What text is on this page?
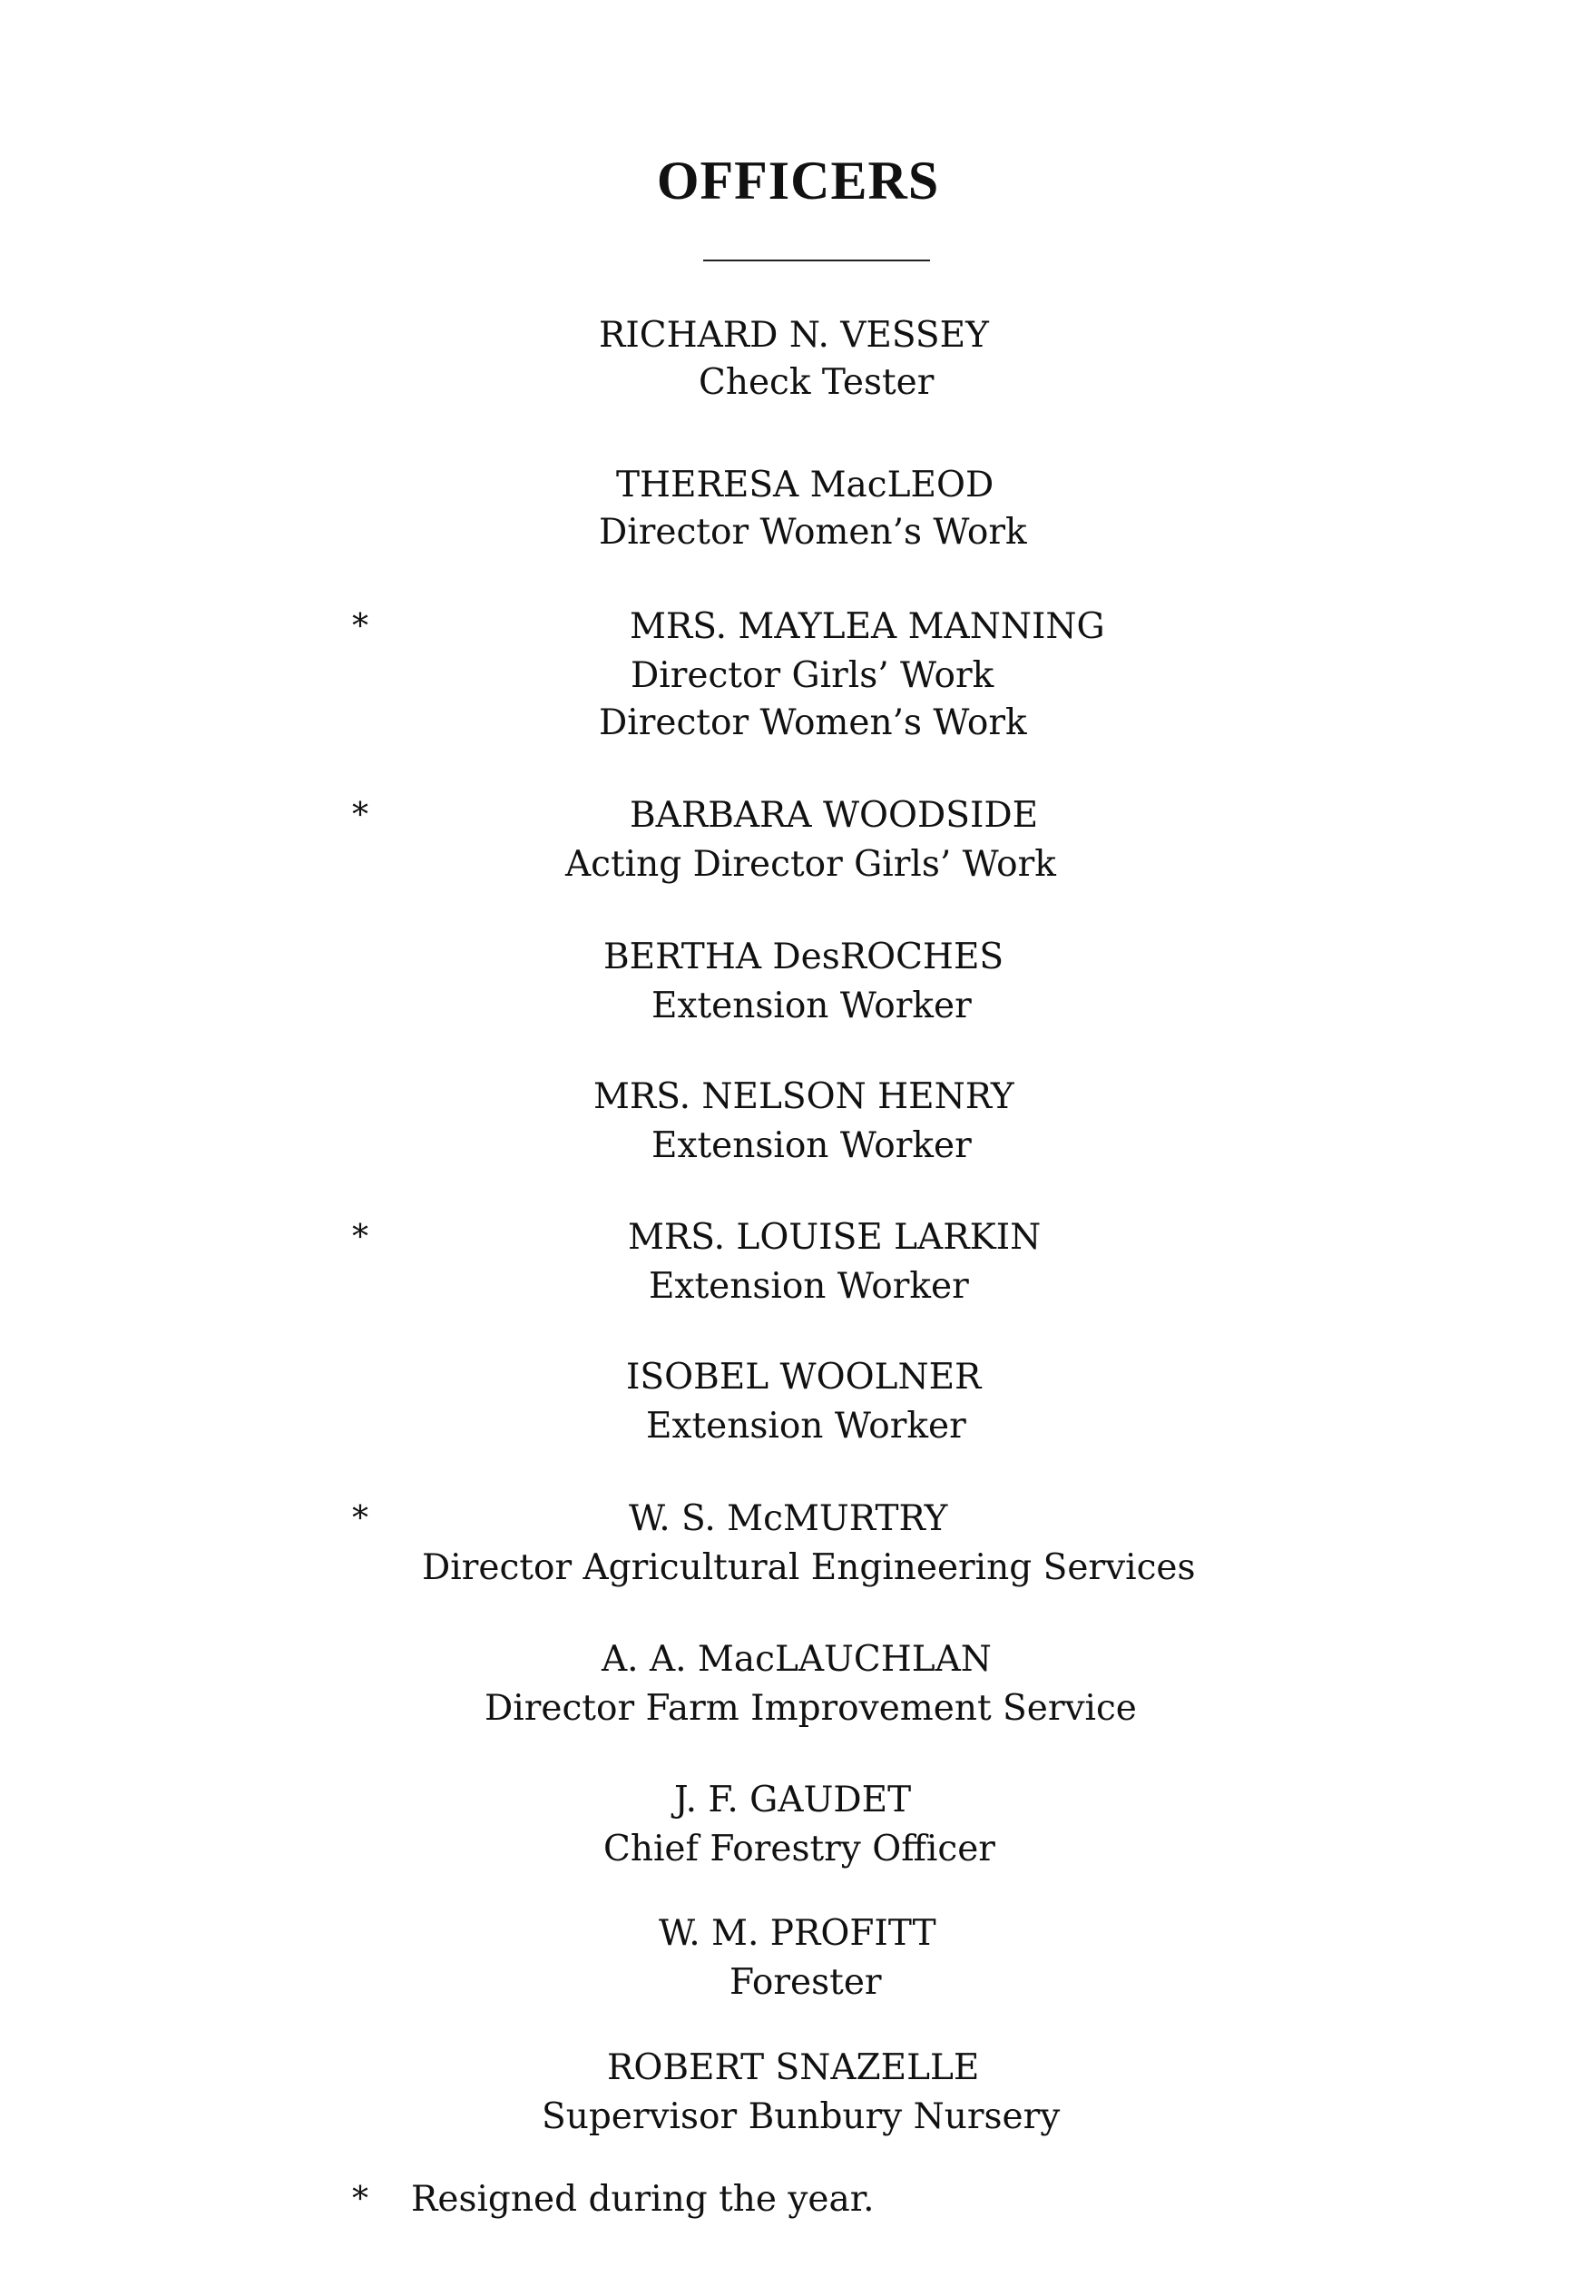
OFFICERS
RICHARD N. VESSEY
Check Tester
THERESA MacLEOD
Director Women’s Work
*	MRS. MAYLEA MANNING
Director Girls’ Work
Director Women’s Work
*	BARBARA WOODSIDE
Acting Director Girls’ Work
BERTHA DesROCHES
Extension Worker
MRS. NELSON HENRY
Extension Worker
*	MRS. LOUISE LARKIN
Extension Worker
ISOBEL WOOLNER
Extension Worker
*	W. S. McMURTRY
Director Agricultural Engineering Services
A. A. MacLAUCHLAN
Director Farm Improvement Service
J. F. GAUDET
Chief Forestry Officer
W. M. PROFITT
Forester
ROBERT SNAZELLE
Supervisor Bunbury Nursery
* Resigned during the year.
